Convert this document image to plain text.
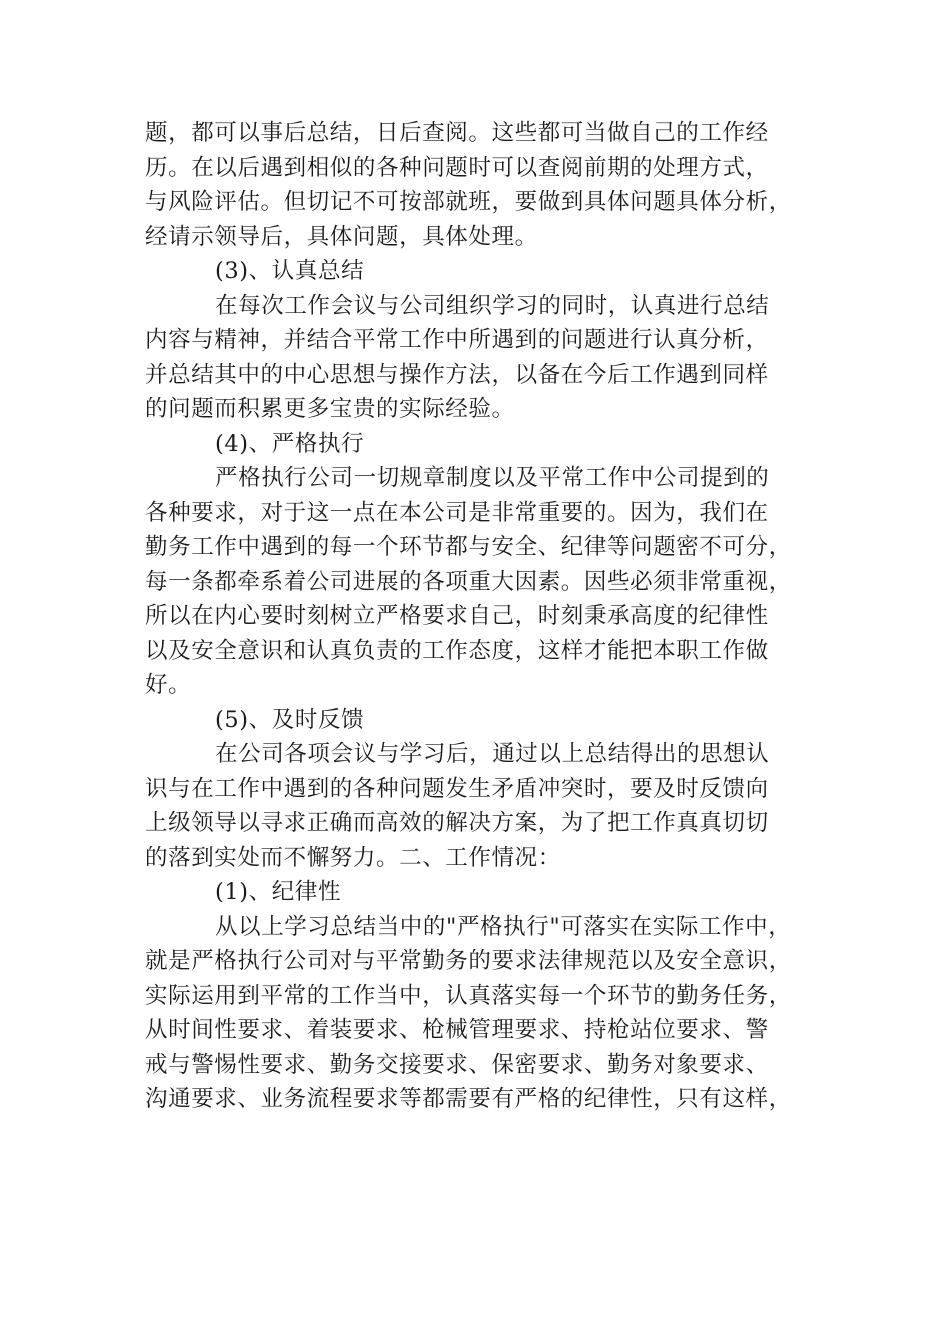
题，都可以事后总结，日后查阅。这些都可当做自己的工作经
历。在以后遇到相似的各种问题时可以查阅前期的处理方式，
与风险评估。但切记不可按部就班，要做到具体问题具体分析，
经请示领导后，具体问题，具体处理。
(3)、认真总结
在每次工作会议与公司组织学习的同时，认真进行总结
内容与精神，并结合平常工作中所遇到的问题进行认真分析，
并总结其中的中心思想与操作方法，以备在今后工作遇到同样
的问题而积累更多宝贵的实际经验。
(4)、严格执行
严格执行公司一切规章制度以及平常工作中公司提到的
各种要求，对于这一点在本公司是非常重要的。因为，我们在
勤务工作中遇到的每一个环节都与安全、纪律等问题密不可分，
每一条都牵系着公司进展的各项重大因素。因些必须非常重视，
所以在内心要时刻树立严格要求自己，时刻秉承高度的纪律性
以及安全意识和认真负责的工作态度，这样才能把本职工作做
好。
(5)、及时反馈
在公司各项会议与学习后，通过以上总结得出的思想认
识与在工作中遇到的各种问题发生矛盾冲突时，要及时反馈向
上级领导以寻求正确而高效的解决方案，为了把工作真真切切
的落到实处而不懈努力。二、工作情况：
(1)、纪律性
从以上学习总结当中的"严格执行"可落实在实际工作中，
就是严格执行公司对与平常勤务的要求法律规范以及安全意识，
实际运用到平常的工作当中，认真落实每一个环节的勤务任务，
从时间性要求、着装要求、枪械管理要求、持枪站位要求、警
戒与警惕性要求、勤务交接要求、保密要求、勤务对象要求、
沟通要求、业务流程要求等都需要有严格的纪律性，只有这样，
